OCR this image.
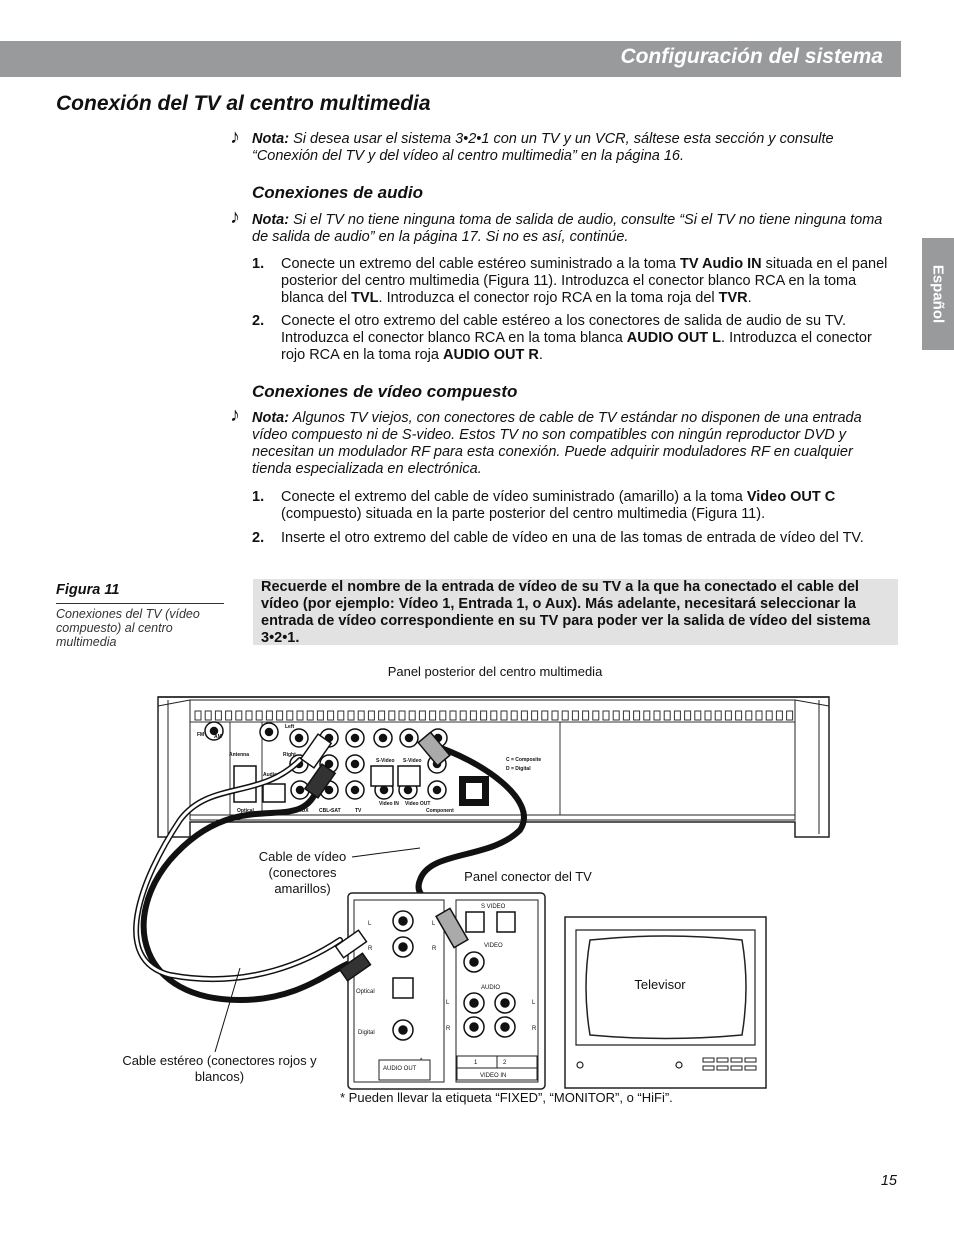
Configuración del sistema
Español
Conexión del TV al centro multimedia
♪ Nota: Si desea usar el sistema 3•2•1 con un TV y un VCR, sáltese esta sección y consulte “Conexión del TV y del vídeo al centro multimedia” en la página 16.
Conexiones de audio
♪ Nota: Si el TV no tiene ninguna toma de salida de audio, consulte “Si el TV no tiene ninguna toma de salida de audio” en la página 17. Si no es así, continúe.
1. Conecte un extremo del cable estéreo suministrado a la toma TV Audio IN situada en el panel posterior del centro multimedia (Figura 11). Introduzca el conector blanco RCA en la toma blanca del TVL. Introduzca el conector rojo RCA en la toma roja del TVR.
2. Conecte el otro extremo del cable estéreo a los conectores de salida de audio de su TV. Introduzca el conector blanco RCA en la toma blanca AUDIO OUT L. Introduzca el conector rojo RCA en la toma roja AUDIO OUT R.
Conexiones de vídeo compuesto
♪ Nota: Algunos TV viejos, con conectores de cable de TV estándar no disponen de una entrada vídeo compuesto ni de S-video. Estos TV no son compatibles con ningún reproductor DVD y necesitan un modulador RF para esta conexión. Puede adquirir moduladores RF en cualquier tienda especializada en electrónica.
1. Conecte el extremo del cable de vídeo suministrado (amarillo) a la toma Video OUT C (compuesto) situada en la parte posterior del centro multimedia (Figura 11).
2. Inserte el otro extremo del cable de vídeo en una de las tomas de entrada de vídeo del TV.
Figura 11
Conexiones del TV (vídeo compuesto) al centro multimedia
Recuerde el nombre de la entrada de vídeo de su TV a la que ha conectado el cable del vídeo (por ejemplo: Vídeo 1, Entrada 1, o Aux). Más adelante, necesitará seleccionar la entrada de vídeo correspondiente en su TV para poder ver la salida de vídeo del sistema 3•2•1.
FM AM
Antenna
Left
Right
Audio IN
S-Video S-Video
Video IN Video OUT
Optical	AUX CBL•SAT	TV	Component
C = Composite
D = Digital
L	L
R	R
Optical
Digital
AUDIO OUT
*
S VIDEO
VIDEO
AUDIO
L	L
R	R
1	2
VIDEO IN
Panel posterior del centro multimedia
Cable de vídeo (conectores amarillos)
Panel conector del TV
Televisor
Cable estéreo (conectores rojos y blancos)
* Pueden llevar la etiqueta “FIXED”, “MONITOR”, o “HiFi”.
15
